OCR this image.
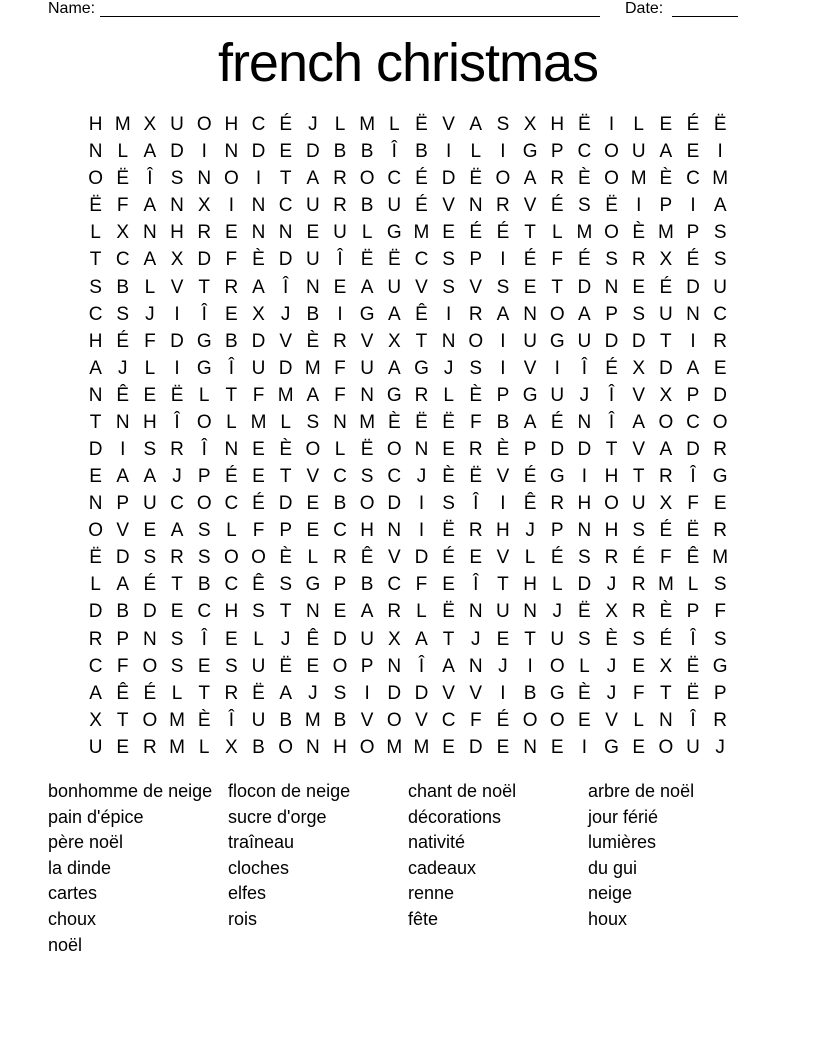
Name:	Date:
french christmas
H M X U O H C É J L M L Ë V A S X H Ë I	L E É Ë
N L A D I N D E D B B Î B I	L	I G P C O U A E I
O Ë Î S N O I T A R O C É D Ë O A R È O M È C M
Ë F A N X I N C U R B U É V N R V É S Ë I P I A
L X N H R E N N E U L G M E É É T L M O È M P S
T C A X D F È D U Î Ë Ë C S P I É F É S R X É S
S B L V T R A Î N E A U V S V S E T D N E É D U
C S J	I	Î E X J B I G A Ê I R A N O A P S U N C
H É F D G B D V È R V X T N O I U G U D D T I R
A J L	I G Î U D M F U A G J S I V I	Î É X D A E
N Ê E Ë L T F M A F N G R L È P G U J	Î V X P D
T N H Î O L M L S N M È Ë Ë F B A É N Î A O C O
D I S R Î N E È O L Ë O N E R È P D D T V A D R
E A A J P É E T V C S C J È Ë V É G I H T R Î G
N P U C O C É D E B O D I S Î	I Ê R H O U X F E
O V E A S L F P E C H N I Ë R H J P N H S É Ë R
Ë D S R S O O È L R Ê V D É E V L É S R É F Ê M
L A É T B C Ê S G P B C F E Î T H L D J R M L S
D B D E C H S T N E A R L Ë N U N J Ë X R È P F
R P N S Î E L J Ê D U X A T J E T U S È S É Î S
C F O S E S U Ë E O P N Î A N J	I O L J E X Ë G
A Ê É L T R Ë A J S I D D V V I B G È J F T Ë P
X T O M È Î U B M B V O V C F É O O E V L N Î R
U E R M L X B O N H O M M E D E N E I G E O U J
bonhomme de neige
pain d'épice
père noël
la dinde
cartes
choux
noël
flocon de neige
sucre d'orge
traîneau
cloches
elfes
rois
chant de noël
décorations
nativité
cadeaux
renne
fête
arbre de noël
jour férié
lumières
du gui
neige
houx
